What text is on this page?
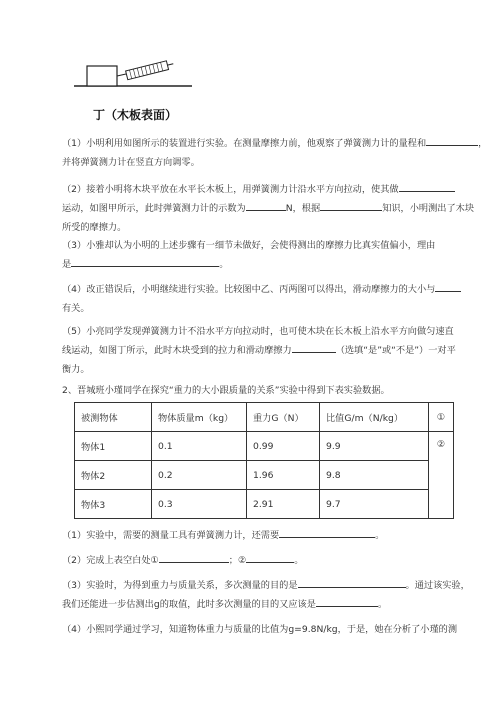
丁（木板表面）
（1）小明利用如图所示的装置进行实验。在测量摩擦力前，他观察了弹簧测力计的量程和	，
并将弹簧测力计在竖直方向调零。
（2）接着小明将木块平放在水平长木板上，用弹簧测力计沿水平方向拉动，使其做
运动，如图甲所示，此时弹簧测力计的示数为	N，根据	知识，小明测出了木块
所受的摩擦力。
（3）小雅却认为小明的上述步骤有一细节未做好，会使得测出的摩擦力比真实值偏小，理由
是	。
（4）改正错误后，小明继续进行实验。比较图中乙、丙两图可以得出，滑动摩擦力的大小与
有关。
（5）小亮同学发现弹簧测力计不沿水平方向拉动时，也可使木块在长木板上沿水平方向做匀速直
线运动，如图丁所示，此时木块受到的拉力和滑动摩擦力	（选填“是”或“不是”）一对平
衡力。
2、晋城班小瑾同学在探究“重力的大小跟质量的关系”实验中得到下表实验数据。
被测物体	物体质量m（kg）	重力G（N）	比值G/m（N/kg）	①
物体1	0.1	0.99	9.9	②
物体2	0.2	1.96	9.8	
物体3	0.3	2.91	9.7	
（1）实验中，需要的测量工具有弹簧测力计，还需要	。
（2）完成上表空白处①	；②	。
（3）实验时，为得到重力与质量关系，多次测量的目的是	。通过该实验，
我们还能进一步估测出g的取值，此时多次测量的目的又应该是	。
（4）小熙同学通过学习，知道物体重力与质量的比值为g=9.8N/kg，于是，她在分析了小瑾的测
